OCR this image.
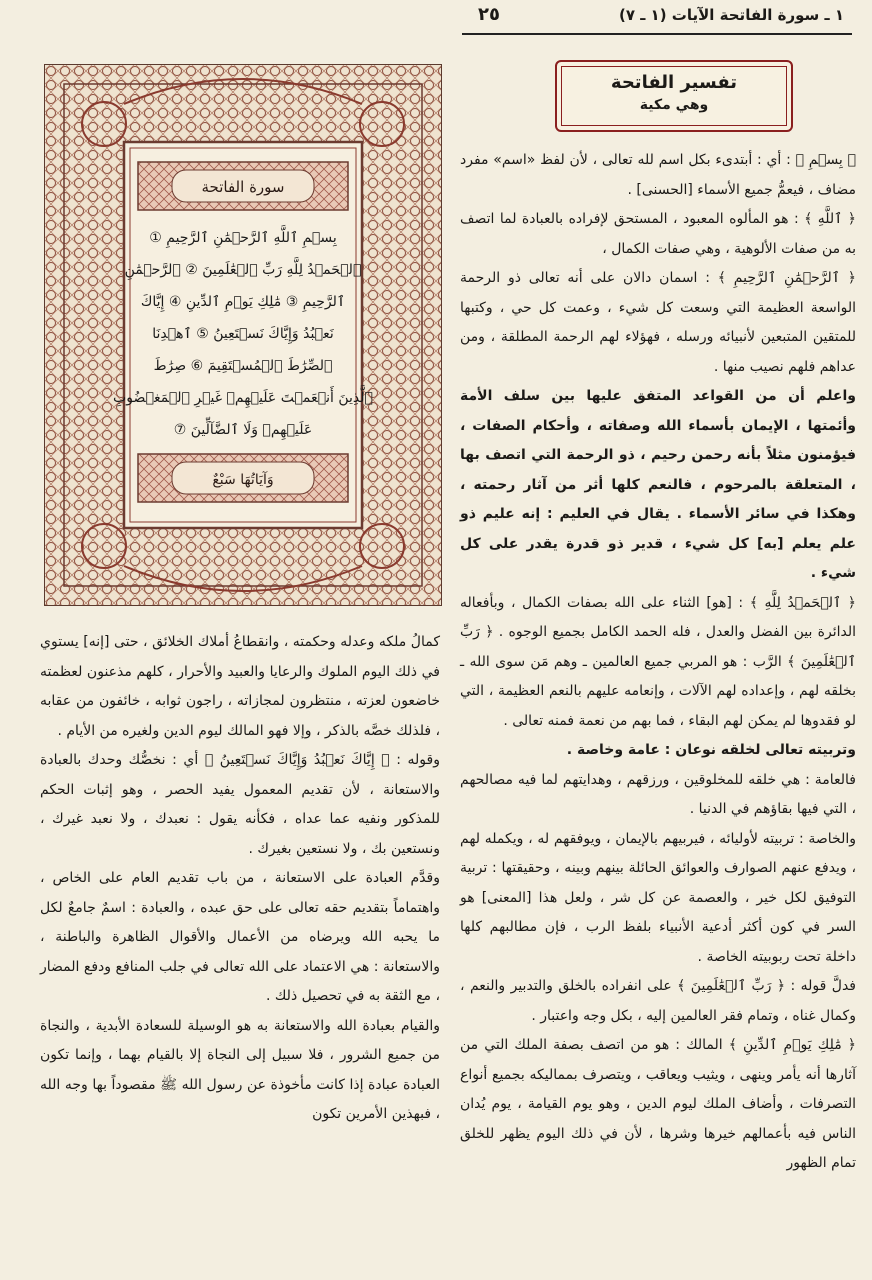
١ ـ سورة الفاتحة الآيات (١ ـ ٧)
٢٥
تفسير الفاتحة
وهي مكية
سورة الفاتحة
وَآيَاتُهَا سَبْعٌ
بِسۡمِ ٱللَّهِ ٱلرَّحۡمَٰنِ ٱلرَّحِيمِ ①
ٱلۡحَمۡدُ لِلَّهِ رَبِّ ٱلۡعَٰلَمِينَ ② ٱلرَّحۡمَٰنِ
ٱلرَّحِيمِ ③ مَٰلِكِ يَوۡمِ ٱلدِّينِ ④ إِيَّاكَ
نَعۡبُدُ وَإِيَّاكَ نَسۡتَعِينُ ⑤ ٱهۡدِنَا
ٱلصِّرَٰطَ ٱلۡمُسۡتَقِيمَ ⑥ صِرَٰطَ
ٱلَّذِينَ أَنۡعَمۡتَ عَلَيۡهِمۡ غَيۡرِ ٱلۡمَغۡضُوبِ
عَلَيۡهِمۡ وَلَا ٱلضَّآلِّينَ ⑦

﴿ بِسۡمِ ﴾ : أي : أبتدىء بكل اسم لله تعالى ، لأن لفظ «اسم» مفرد مضاف ، فيعمُّ جميع الأسماء [الحسنى] .

﴿ ٱللَّهِ ﴾ : هو المألوه المعبود ، المستحق لإفراده بالعبادة لما اتصف به من صفات الألوهية ، وهي صفات الكمال ،

﴿ ٱلرَّحۡمَٰنِ ٱلرَّحِيمِ ﴾ : اسمان دالان على أنه تعالى ذو الرحمة الواسعة العظيمة التي وسعت كل شيء ، وعمت كل حي ، وكتبها للمتقين المتبعين لأنبيائه ورسله ، فهؤلاء لهم الرحمة المطلقة ، ومن عداهم فلهم نصيب منها .

واعلم أن من القواعد المتفق عليها بين سلف الأمة وأئمتها ، الإيمان بأسماء الله وصفاته ، وأحكام الصفات ، فيؤمنون مثلاً بأنه رحمن رحيم ، ذو الرحمة التي اتصف بها ، المتعلقة بالمرحوم ، فالنعم كلها أثر من آثار رحمته ، وهكذا في سائر الأسماء . يقال في العليم : إنه عليم ذو علم يعلم [به] كل شيء ، قدير ذو قدرة يقدر على كل شيء .

﴿ ٱلۡحَمۡدُ لِلَّهِ ﴾ : [هو] الثناء على الله بصفات الكمال ، وبأفعاله الدائرة بين الفضل والعدل ، فله الحمد الكامل بجميع الوجوه . ﴿ رَبِّ ٱلۡعَٰلَمِينَ ﴾ الرَّب : هو المربي جميع العالمين ـ وهم مَن سوى الله ـ بخلقه لهم ، وإعداده لهم الآلات ، وإنعامه عليهم بالنعم العظيمة ، التي لو فقدوها لم يمكن لهم البقاء ، فما بهم من نعمة فمنه تعالى .

وتربيته تعالى لخلقه نوعان : عامة وخاصة .

فالعامة : هي خلقه للمخلوقين ، ورزقهم ، وهدايتهم لما فيه مصالحهم ، التي فيها بقاؤهم في الدنيا .

والخاصة : تربيته لأوليائه ، فيربيهم بالإيمان ، ويوفقهم له ، ويكمله لهم ، ويدفع عنهم الصوارف والعوائق الحائلة بينهم وبينه ، وحقيقتها : تربية التوفيق لكل خير ، والعصمة عن كل شر ، ولعل هذا [المعنى] هو السر في كون أكثر أدعية الأنبياء بلفظ الرب ، فإن مطالبهم كلها داخلة تحت ربوبيته الخاصة .

فدلَّ قوله : ﴿ رَبِّ ٱلۡعَٰلَمِينَ ﴾ على انفراده بالخلق والتدبير والنعم ، وكمال غناه ، وتمام فقر العالمين إليه ، بكل وجه واعتبار .

﴿ مَٰلِكِ يَوۡمِ ٱلدِّينِ ﴾ المالك : هو من اتصف بصفة الملك التي من آثارها أنه يأمر وينهى ، ويثيب ويعاقب ، ويتصرف بمماليكه بجميع أنواع التصرفات ، وأضاف الملك ليوم الدين ، وهو يوم القيامة ، يوم يُدان الناس فيه بأعمالهم خيرها وشرها ، لأن في ذلك اليوم يظهر للخلق تمام الظهور

كمالُ ملكه وعدله وحكمته ، وانقطاعُ أملاك الخلائق ، حتى [إنه] يستوي في ذلك اليوم الملوك والرعايا والعبيد والأحرار ، كلهم مذعنون لعظمته خاضعون لعزته ، منتظرون لمجازاته ، راجون ثوابه ، خائفون من عقابه ، فلذلك خصَّه بالذكر ، وإلا فهو المالك ليوم الدين ولغيره من الأيام .

وقوله : ﴿ إِيَّاكَ نَعۡبُدُ وَإِيَّاكَ نَسۡتَعِينُ ﴾ أي : نخصُّك وحدك بالعبادة والاستعانة ، لأن تقديم المعمول يفيد الحصر ، وهو إثبات الحكم للمذكور ونفيه عما عداه ، فكأنه يقول : نعبدك ، ولا نعبد غيرك ، ونستعين بك ، ولا نستعين بغيرك .

وقدَّم العبادة على الاستعانة ، من باب تقديم العام على الخاص ، واهتماماً بتقديم حقه تعالى على حق عبده ، والعبادة : اسمٌ جامعٌ لكل ما يحبه الله ويرضاه من الأعمال والأقوال الظاهرة والباطنة ، والاستعانة : هي الاعتماد على الله تعالى في جلب المنافع ودفع المضار ، مع الثقة به في تحصيل ذلك .

والقيام بعبادة الله والاستعانة به هو الوسيلة للسعادة الأبدية ، والنجاة من جميع الشرور ، فلا سبيل إلى النجاة إلا بالقيام بهما ، وإنما تكون العبادة عبادة إذا كانت مأخوذة عن رسول الله ﷺ مقصوداً بها وجه الله ، فبهذين الأمرين تكون
